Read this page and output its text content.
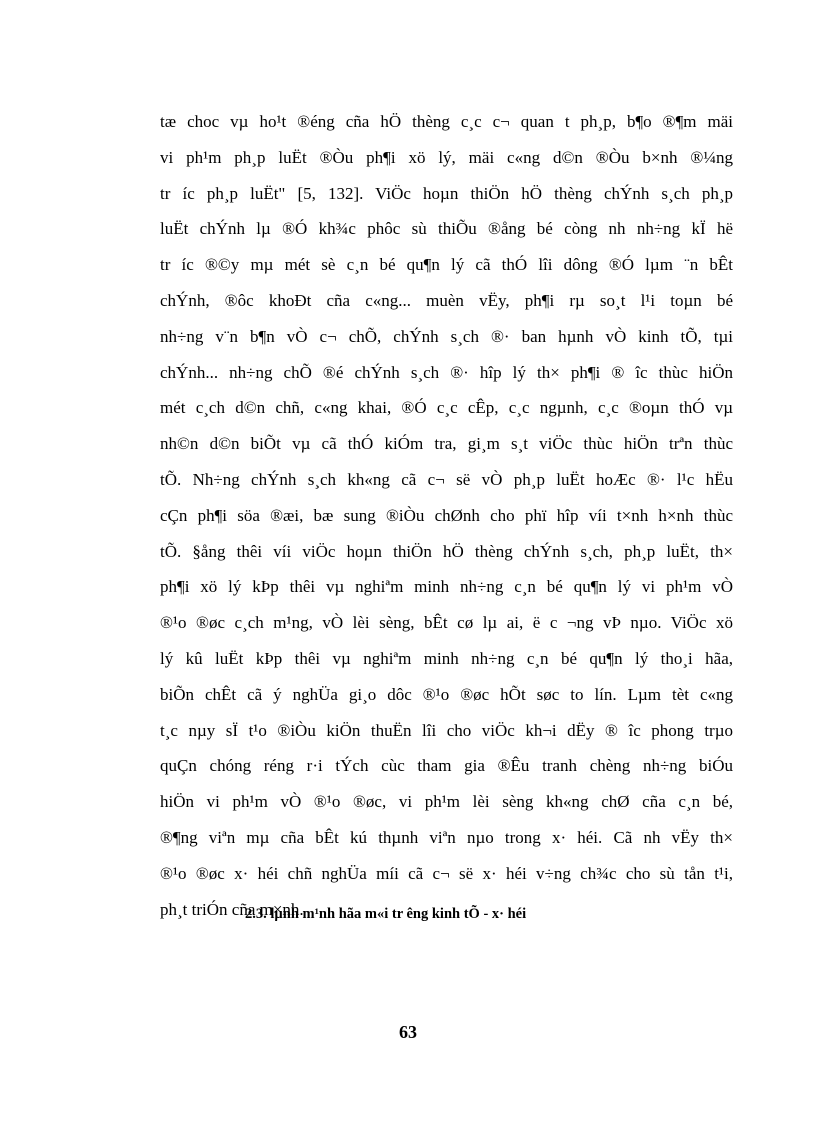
tæ choc vµ ho¹t ®éng cña hÖ thèng c¸c c¬ quan t ph¸p, b¶o ®¶m mäi
vi ph¹m ph¸p luËt ®Òu ph¶i xö lý, mäi c«ng d©n ®Òu b×nh ®¼ng
tr íc ph¸p luËt" [5, 132]. ViÖc hoµn thiÖn hÖ thèng chÝnh s¸ch ph¸p
luËt chÝnh lµ ®Ó kh¾c phôc sù thiÕu ®ång bé còng nh nh÷ng kÏ hë
tr íc ®©y mµ mét sè c¸n bé qu¶n lý cã thÓ lîi dông ®Ó lµm ¨n bÊt
chÝnh, ®ôc khoÐt cña c«ng... muèn vËy, ph¶i rµ so¸t l¹i toµn bé
nh÷ng v¨n b¶n vÒ c¬ chÕ, chÝnh s¸ch ®· ban hµnh vÒ kinh tÕ, tµi
chÝnh... nh÷ng chÕ ®é chÝnh s¸ch ®· hîp lý th× ph¶i ® îc thùc hiÖn
mét c¸ch d©n chñ, c«ng khai, ®Ó c¸c cÊp, c¸c ngµnh, c¸c ®oµn thÓ vµ
nh©n d©n biÕt vµ cã thÓ kiÓm tra, gi¸m s¸t viÖc thùc hiÖn trªn thùc
tÕ. Nh÷ng chÝnh s¸ch kh«ng cã c¬ së vÒ ph¸p luËt hoÆc ®· l¹c hËu
cÇn ph¶i söa ®æi, bæ sung ®iÒu chØnh cho phï hîp víi t×nh h×nh thùc
tÕ. §ång thêi víi viÖc hoµn thiÖn hÖ thèng chÝnh s¸ch, ph¸p luËt, th×
ph¶i xö lý kÞp thêi vµ nghiªm minh nh÷ng c¸n bé qu¶n lý vi ph¹m vÒ
®¹o ®øc c¸ch m¹ng, vÒ lèi sèng, bÊt cø lµ ai, ë c ¬ng vÞ nµo. ViÖc xö
lý kû luËt kÞp thêi vµ nghiªm minh nh÷ng c¸n bé qu¶n lý tho¸i hãa,
biÕn chÊt cã ý nghÜa gi¸o dôc ®¹o ®øc hÕt søc to lín. Lµm tèt c«ng
t¸c nµy sÏ t¹o ®iÒu kiÖn thuËn lîi cho viÖc kh¬i dËy ® îc phong trµo
quÇn chóng réng r·i tÝch cùc tham gia ®Êu tranh chèng nh÷ng biÓu
hiÖn vi ph¹m vÒ ®¹o ®øc, vi ph¹m lèi sèng kh«ng chØ cña c¸n bé,
®¶ng viªn mµ cña bÊt kú thµnh viªn nµo trong x· héi. Cã nh vËy th×
®¹o ®øc x· héi chñ nghÜa míi cã c¬ së x· héi v÷ng ch¾c cho sù tån t¹i,
ph¸t triÓn cña m×nh.
2.3. lµnh m¹nh hãa m«i tr êng kinh tÕ - x· héi
63
